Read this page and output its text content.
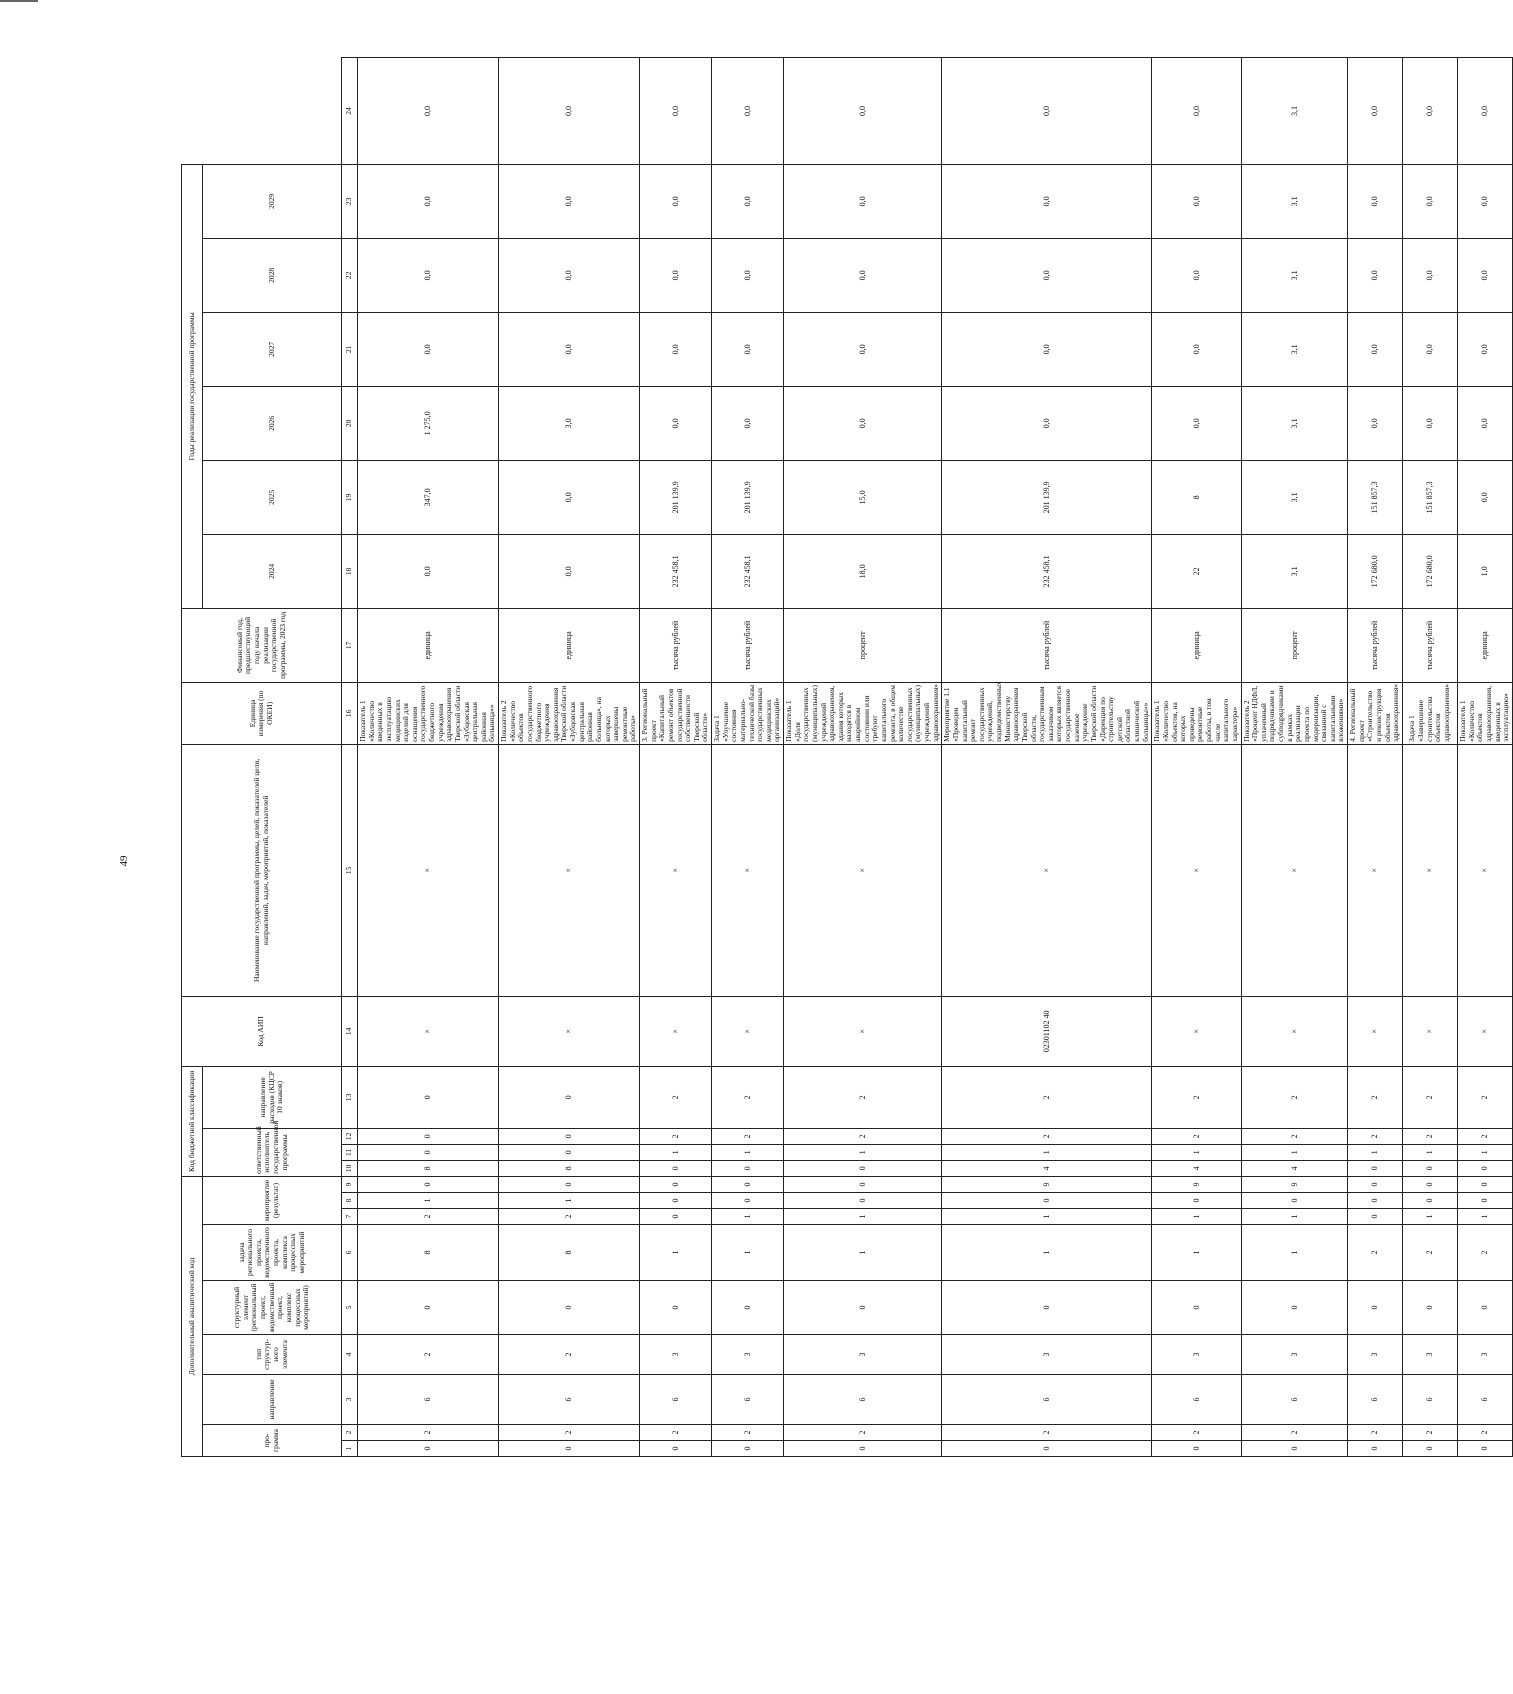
49
Дополнительный аналитический код									Код бюджетной классификации				Код АИП	Наименование государственной программы, целей, показателей цели, направлений, задач, мероприятий, показателей	Единица измерения (по ОКЕИ)	Финансовый год, предшествующий году начала реализации государственной программы, 2023 год	Годы реализации государственной программы						
про-грамма		направление	тип структур-ного элемента	структурный элемент (региональный проект, ведомственный проект, комплекс процессных мероприятий)	задача регионального проекта, ведомственного проекта, комплекса процессных мероприятий	мероприятие (результат)			ответственный исполнитель государственной программы			направление расходов (КЦСР 10 знаков)					2024	2025	2026	2027	2028	2029	
1	2	3	4	5	6	7	8	9	10	11	12	13	14	15	16	17	18	19	20	21	22	23	24
0	2	6	2	0	8	2	1	0	8	0	0	0	×	×	Показатель 1 «Количество введенных в эксплуатацию медицинских изделий для оснащения государственного бюджетного учреждения здравоохранения Тверской области «Зубцовская центральная районная больница»»	единица	0,0	347,0	1 275,0	0,0	0,0	0,0	0,0
0	2	6	2	0	8	2	1	0	8	0	0	0	×	×	Показатель 2 «Количество объектов государственного бюджетного учреждения здравоохранения Тверской области «Зубцовская центральная районная больница», на которых завершены ремонтные работы»	единица	0,0	0,0	3,0	0,0	0,0	0,0	0,0
0	2	6	3	0	1	0	0	0	0	1	2	2	×	×	3. Региональный проект «Капитальный ремонт объектов государственной собственности Тверской области»	тысяча рублей	232 458,1	201 139,9	0,0	0,0	0,0	0,0	0,0
0	2	6	3	0	1	1	0	0	0	1	2	2	×	×	Задача 1 «Улучшение состояния материально-технической базы государственных медицинских организаций»	тысяча рублей	232 458,1	201 139,9	0,0	0,0	0,0	0,0	0,0
0	2	6	3	0	1	1	0	0	0	1	2	2	×	×	Показатель 1 «Доля государственных (муниципальных) учреждений здравоохранения, здания которых находятся в аварийном состоянии или требуют капитального ремонта, в общем количестве государственных (муниципальных) учреждений здравоохранения»	процент	18,0	15,0	0,0	0,0	0,0	0,0	0,0
0	2	6	3	0	1	1	0	9	4	1	2	2	02301102 40	×	Мероприятие 1.1 «Проведен капитальный ремонт государственных учреждений, подведомственных Министерству здравоохранения Тверской области, государственным заказчиком которых является государственное казенное учреждение Тверской области «Дирекция по строительству детской областной клинической больницы»»	тысяча рублей	232 458,1	201 139,9	0,0	0,0	0,0	0,0	0,0
0	2	6	3	0	1	1	0	9	4	1	2	2	×	×	Показатель 1 «Количество объектов, на которых проведены ремонтные работы, в том числе капитального характера»	единица	22	8	0,0	0,0	0,0	0,0	0,0
0	2	6	3	0	1	1	0	9	4	1	2	2	×	×	Показатель 2 «Процент НДФЛ, уплаченный подрядчиками и субподрядчиками в рамках реализации проекта по модернизации, связанной с капитальными вложениями»	процент	3,1	3,1	3,1	3,1	3,1	3,1	3,1
0	2	6	3	0	2	0	0	0	0	1	2	2	×	×	4. Региональный проект «Строительство и реконструкция объектов здравоохранения»	тысяча рублей	172 680,0	151 857,3	0,0	0,0	0,0	0,0	0,0
0	2	6	3	0	2	1	0	0	0	1	2	2	×	×	Задача 1 «Завершение строительства объектов здравоохранения»	тысяча рублей	172 680,0	151 857,3	0,0	0,0	0,0	0,0	0,0
0	2	6	3	0	2	1	0	0	0	1	2	2	×	×	Показатель 1 «Количество объектов здравоохранения, введенных в эксплуатацию»	единица	1,0	0,0	0,0	0,0	0,0	0,0	0,0
